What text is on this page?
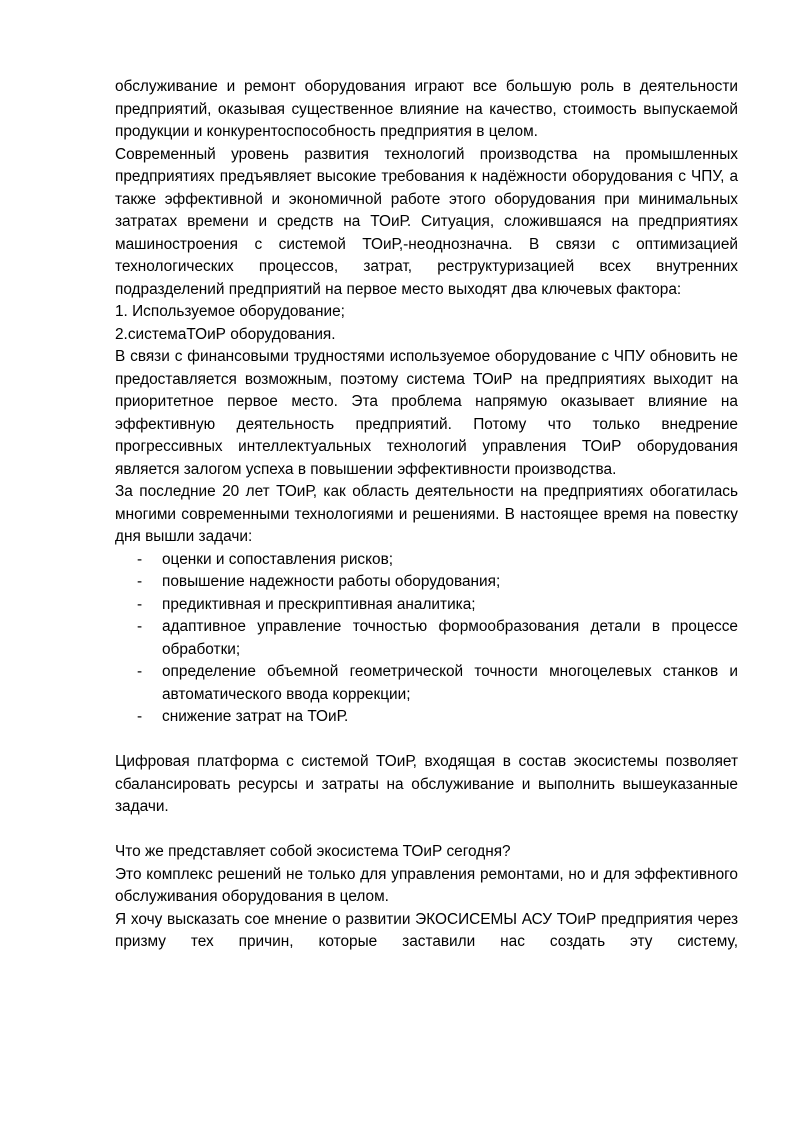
обслуживание и ремонт оборудования играют все большую роль в деятельности предприятий, оказывая существенное влияние на качество, стоимость выпускаемой продукции и конкурентоспособность предприятия в целом.

Современный уровень развития технологий производства на промышленных предприятиях предъявляет высокие требования к надёжности оборудования с ЧПУ, а также эффективной и экономичной работе этого оборудования при минимальных затратах времени и средств на ТОиР. Ситуация, сложившаяся на предприятиях машиностроения с системой ТОиР,-неоднозначна. В связи с оптимизацией технологических процессов, затрат, реструктуризацией всех внутренних подразделений предприятий на первое место выходят два ключевых фактора:

1. Используемое оборудование;

2.системаТОиР оборудования.

В связи с финансовыми трудностями используемое оборудование с ЧПУ обновить не предоставляется возможным, поэтому система ТОиР на предприятиях выходит на приоритетное первое место. Эта проблема напрямую оказывает влияние на эффективную деятельность предприятий. Потому что только внедрение прогрессивных интеллектуальных технологий управления ТОиР оборудования является залогом успеха в повышении эффективности производства.

За последние 20 лет ТОиР, как область деятельности на предприятиях обогатилась многими современными технологиями и решениями. В настоящее время на повестку дня вышли задачи:

- оценки и сопоставления рисков;
- повышение надежности работы оборудования;
- предиктивная и прескриптивная аналитика;
- адаптивное управление точностью формообразования детали в процессе обработки;
- определение объемной геометрической точности многоцелевых станков и автоматического ввода коррекции;
- снижение затрат на ТОиР.

Цифровая платформа с системой ТОиР, входящая в состав экосистемы позволяет сбалансировать ресурсы и затраты на обслуживание и выполнить вышеуказанные задачи.

Что же представляет собой экосистема ТОиР сегодня?

Это комплекс решений не только для управления ремонтами, но и для эффективного обслуживания оборудования в целом.

Я хочу высказать сое мнение о развитии ЭКОСИСЕМЫ АСУ ТОиР предприятия через призму тех причин, которые заставили нас создать эту систему,
